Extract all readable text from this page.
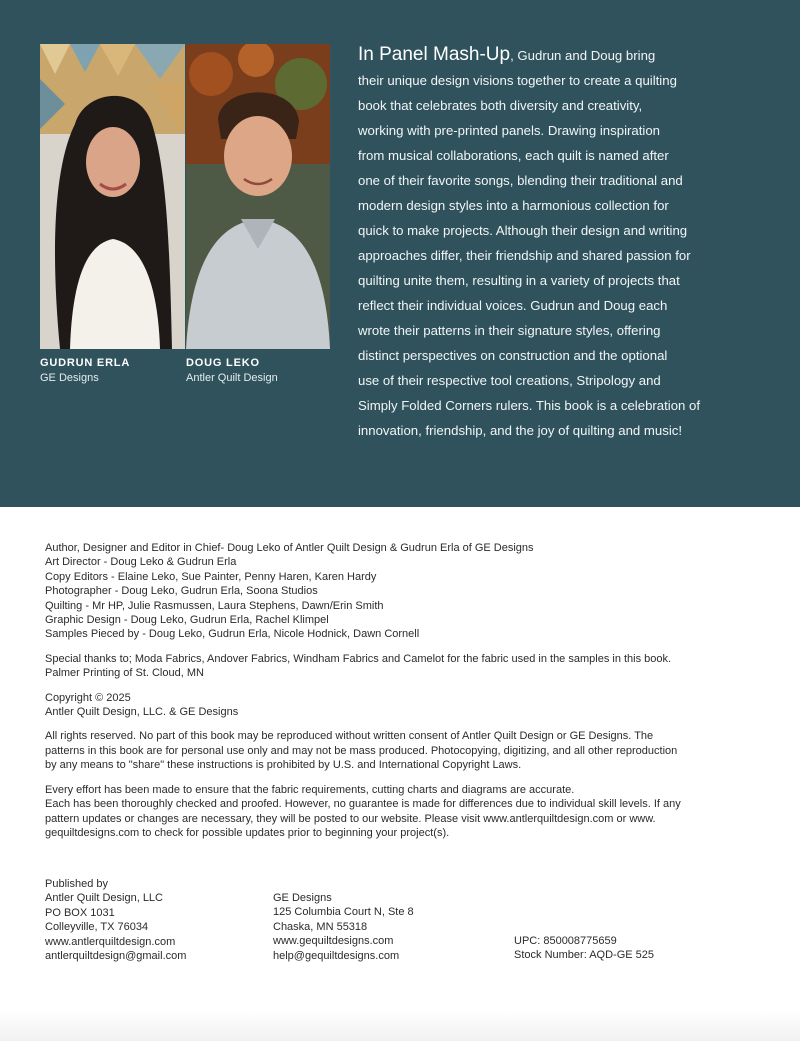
GUDRUN ERLA
GE Designs
DOUG LEKO
Antler Quilt Design
In Panel Mash-Up, Gudrun and Doug bring
their unique design visions together to create a quilting
book that celebrates both diversity and creativity,
working with pre-printed panels. Drawing inspiration
from musical collaborations, each quilt is named after
one of their favorite songs, blending their traditional and
modern design styles into a harmonious collection for
quick to make projects. Although their design and writing
approaches differ, their friendship and shared passion for
quilting unite them, resulting in a variety of projects that
reflect their individual voices. Gudrun and Doug each
wrote their patterns in their signature styles, offering
distinct perspectives on construction and the optional
use of their respective tool creations, Stripology and
Simply Folded Corners rulers. This book is a celebration of
innovation, friendship, and the joy of quilting and music!
Author, Designer and Editor in Chief- Doug Leko of Antler Quilt Design & Gudrun Erla of GE Designs
Art Director - Doug Leko & Gudrun Erla
Copy Editors - Elaine Leko, Sue Painter, Penny Haren, Karen Hardy
Photographer - Doug Leko, Gudrun Erla, Soona Studios
Quilting - Mr HP, Julie Rasmussen, Laura Stephens, Dawn/Erin Smith
Graphic Design - Doug Leko, Gudrun Erla, Rachel Klimpel
Samples Pieced by - Doug Leko, Gudrun Erla, Nicole Hodnick, Dawn Cornell
Special thanks to; Moda Fabrics, Andover Fabrics, Windham Fabrics and Camelot for the fabric used in the samples in this book.
Palmer Printing of St. Cloud, MN
Copyright © 2025
Antler Quilt Design, LLC. & GE Designs
All rights reserved. No part of this book may be reproduced without written consent of Antler Quilt Design or GE Designs. The
patterns in this book are for personal use only and may not be mass produced. Photocopying, digitizing, and all other reproduction
by any means to "share" these instructions is prohibited by U.S. and International Copyright Laws.
Every effort has been made to ensure that the fabric requirements, cutting charts and diagrams are accurate.
Each has been thoroughly checked and proofed. However, no guarantee is made for differences due to individual skill levels. If any
pattern updates or changes are necessary, they will be posted to our website. Please visit www.antlerquiltdesign.com or www.
gequiltdesigns.com to check for possible updates prior to beginning your project(s).
Published by
Antler Quilt Design, LLC
PO BOX 1031
Colleyville, TX 76034
www.antlerquiltdesign.com
antlerquiltdesign@gmail.com
GE Designs
125 Columbia Court N, Ste 8
Chaska, MN 55318
www.gequiltdesigns.com
help@gequiltdesigns.com
UPC: 850008775659
Stock Number: AQD-GE 525
